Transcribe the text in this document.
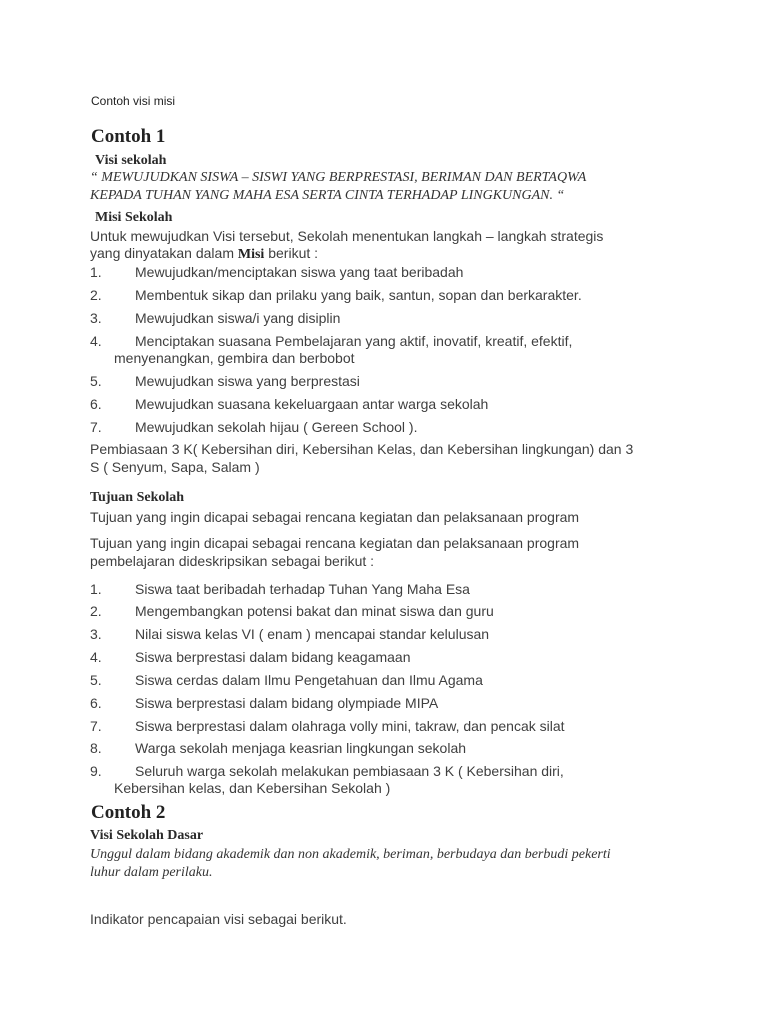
Contoh visi misi
Contoh 1
Visi sekolah
“ MEWUJUDKAN SISWA – SISWI YANG BERPRESTASI, BERIMAN DAN BERTAQWA
KEPADA TUHAN YANG MAHA ESA SERTA CINTA TERHADAP LINGKUNGAN. “
Misi Sekolah
Untuk mewujudkan Visi tersebut, Sekolah menentukan langkah – langkah strategis
yang dinyatakan dalam Misi berikut :
1. Mewujudkan/menciptakan siswa yang taat beribadah
2. Membentuk sikap dan prilaku yang baik, santun, sopan dan berkarakter.
3. Mewujudkan siswa/i yang disiplin
4. Menciptakan suasana Pembelajaran yang aktif, inovatif, kreatif, efektif,
menyenangkan, gembira dan berbobot
5. Mewujudkan siswa yang berprestasi
6. Mewujudkan suasana kekeluargaan antar warga sekolah
7. Mewujudkan sekolah hijau ( Gereen School ).
Pembiasaan 3 K( Kebersihan diri, Kebersihan Kelas, dan Kebersihan lingkungan) dan 3
S ( Senyum, Sapa, Salam )
Tujuan Sekolah
Tujuan yang ingin dicapai sebagai rencana kegiatan dan pelaksanaan program
Tujuan yang ingin dicapai sebagai rencana kegiatan dan pelaksanaan program
pembelajaran dideskripsikan sebagai berikut :
1. Siswa taat beribadah terhadap Tuhan Yang Maha Esa
2. Mengembangkan potensi bakat dan minat siswa dan guru
3. Nilai siswa kelas VI ( enam ) mencapai standar kelulusan
4. Siswa berprestasi dalam bidang keagamaan
5. Siswa cerdas dalam Ilmu Pengetahuan dan Ilmu Agama
6. Siswa berprestasi dalam bidang olympiade MIPA
7. Siswa berprestasi dalam olahraga volly mini, takraw, dan pencak silat
8. Warga sekolah menjaga keasrian lingkungan sekolah
9. Seluruh warga sekolah melakukan pembiasaan 3 K ( Kebersihan diri,
Kebersihan kelas, dan Kebersihan Sekolah )
Contoh 2
Visi Sekolah Dasar
Unggul dalam bidang akademik dan non akademik, beriman, berbudaya dan berbudi pekerti
luhur dalam perilaku.
Indikator pencapaian visi sebagai berikut.
